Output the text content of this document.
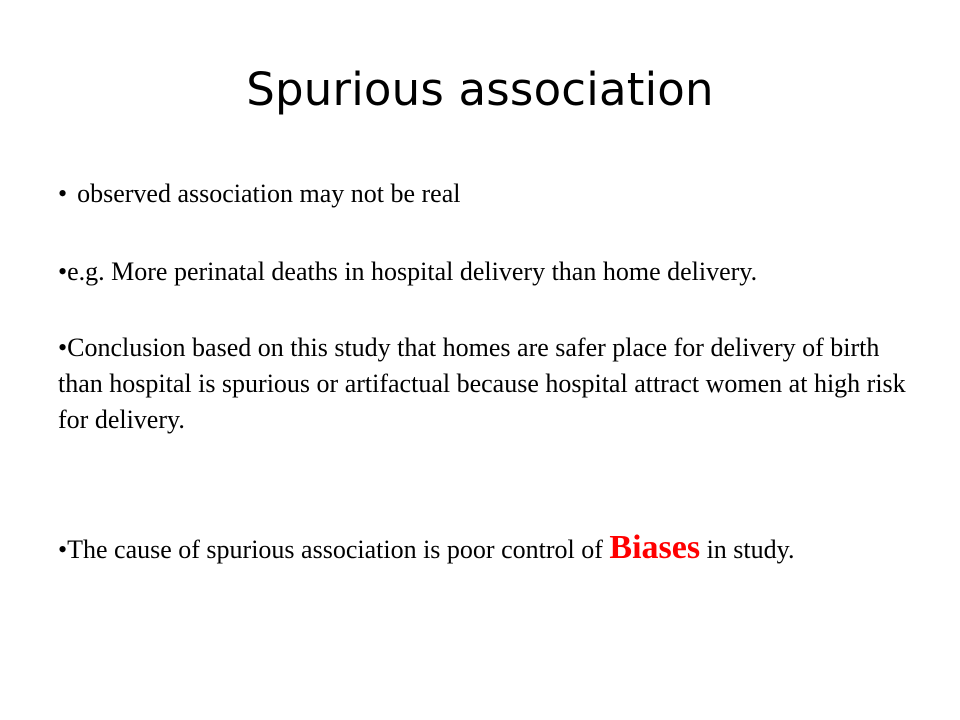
Spurious association

• observed association may not be real

•e.g. More perinatal deaths in hospital delivery than home delivery.

•Conclusion based on this study that homes are safer place for delivery of birth than hospital is spurious or artifactual because hospital attract women at high risk for delivery.

•The cause of spurious association is poor control of Biases in study.
